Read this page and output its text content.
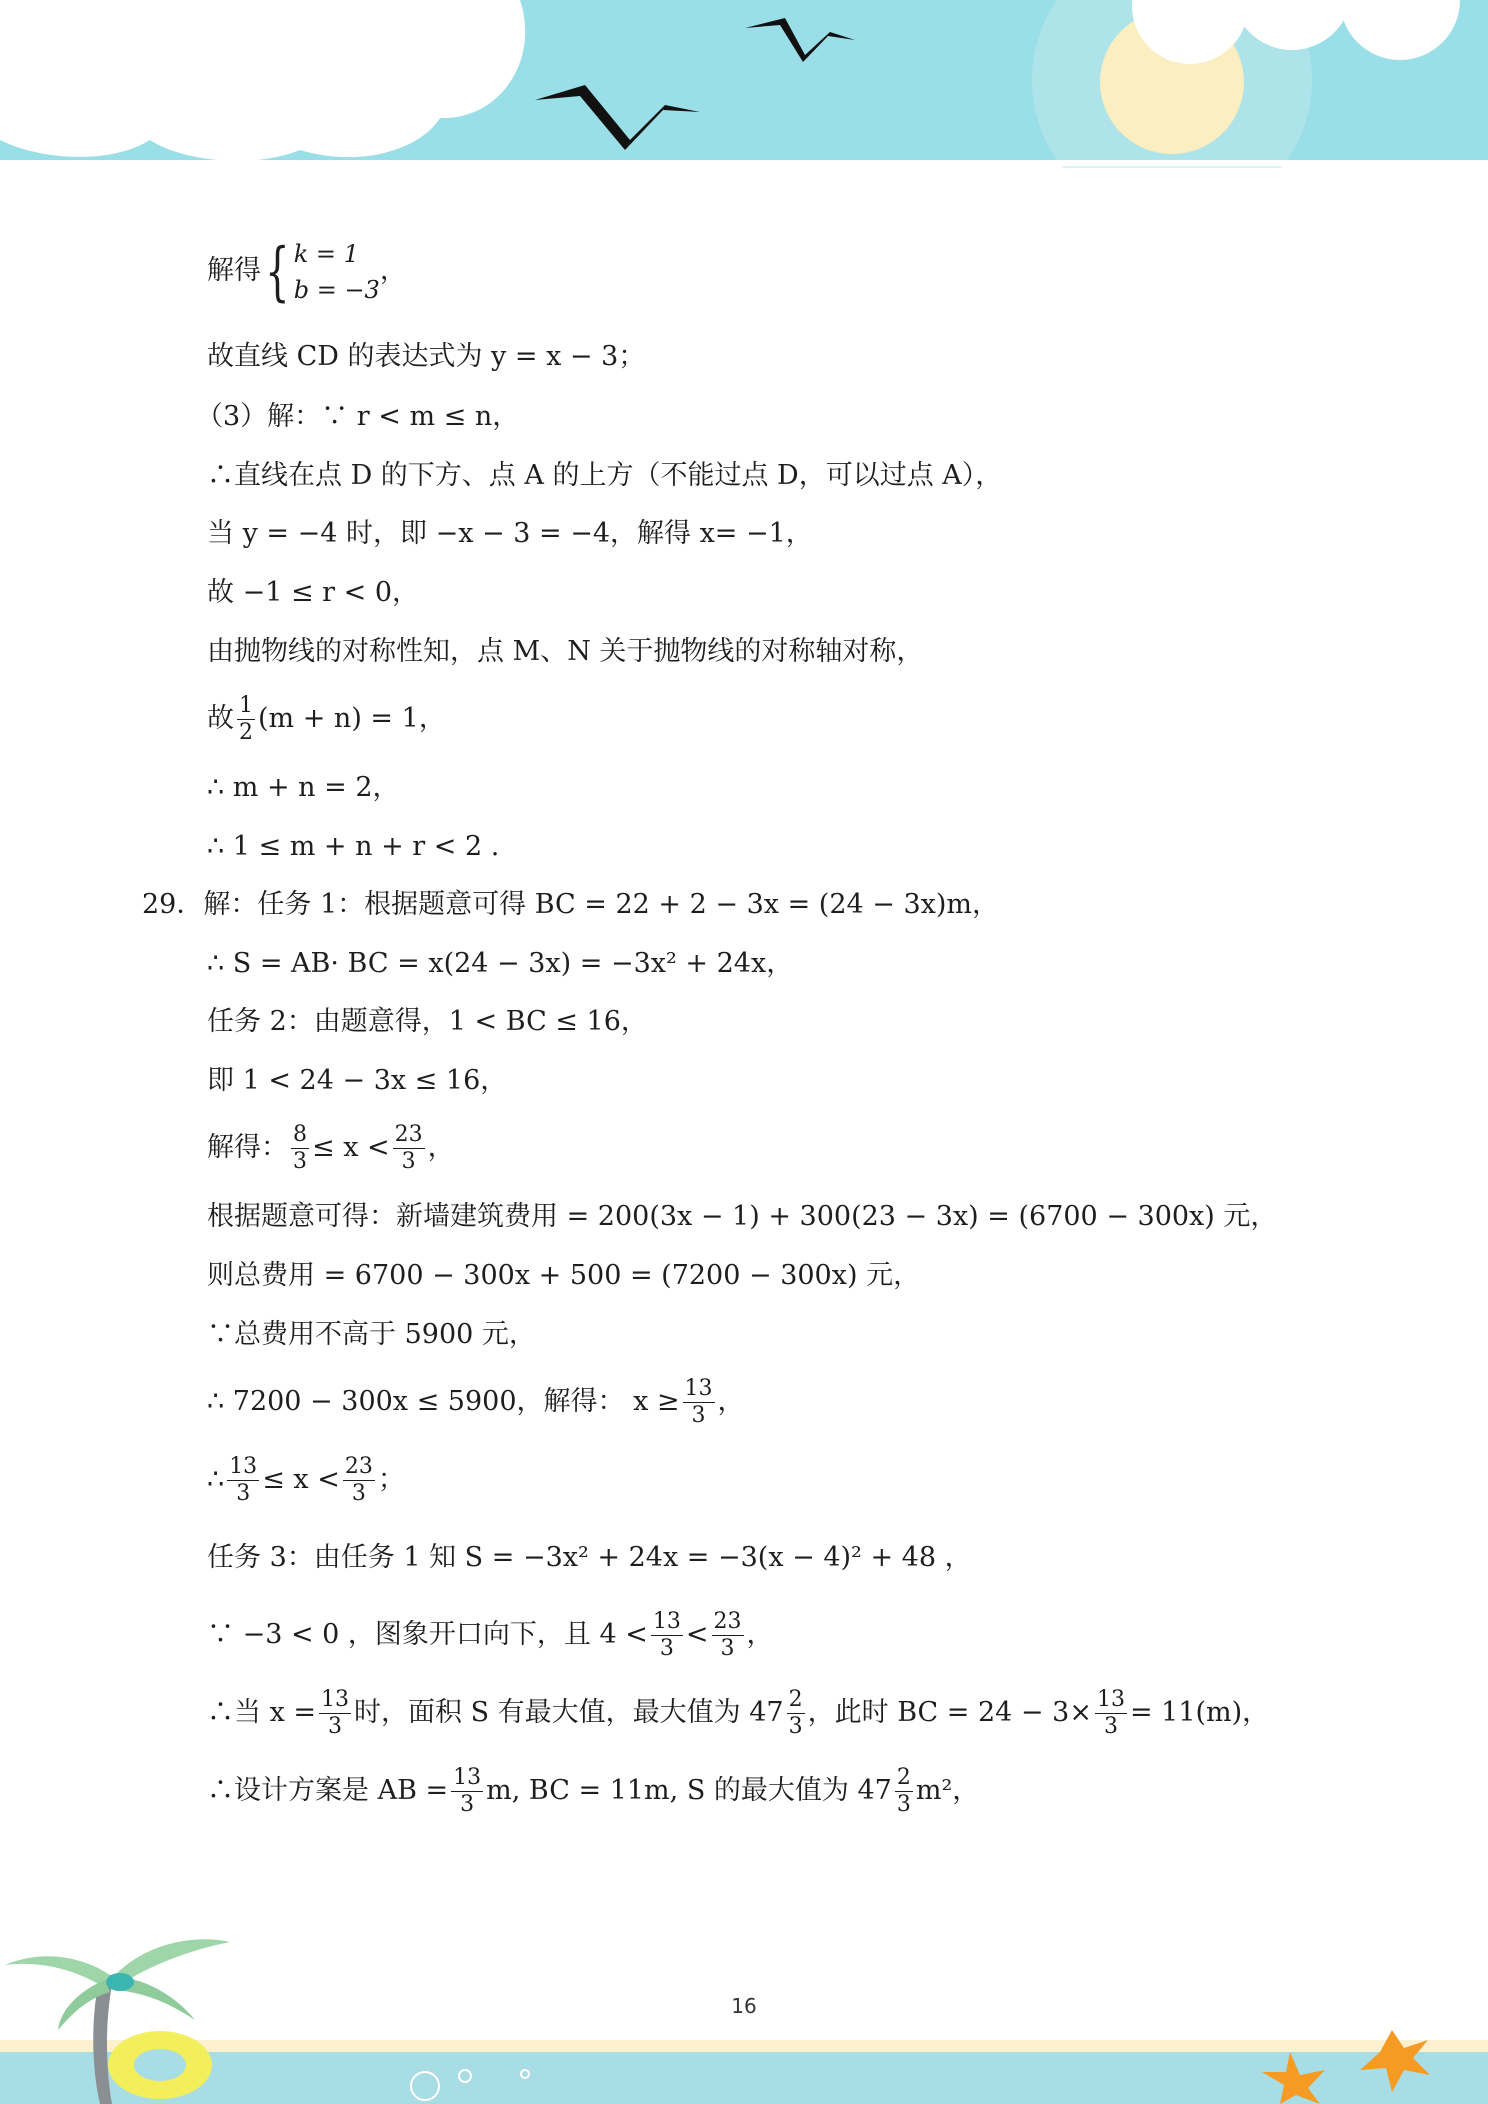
解得 { k = 1
b = −3
，
故直线 CD 的表达式为 y = x − 3；
（3）解：∵ r < m ≤ n，
∴直线在点 D 的下方、点 A 的上方（不能过点 D，可以过点 A），
当 y = −4 时，即 −x − 3 = −4，解得 x= −1，
故 −1 ≤ r < 0，
由抛物线的对称性知，点 M、N 关于抛物线的对称轴对称，
故 $\frac{1}{2} (m + n) = 1$，
∴ m + n = 2，
∴ 1 ≤ m + n + r < 2 .
29．解：任务 1：根据题意可得 BC = 22 + 2 − 3x = (24 − 3x)m，
∴ S = AB· BC = x(24 − 3x) = −3x² + 24x，
任务 2：由题意得，1 < BC ≤ 16，
即 1 < 24 − 3x ≤ 16，
解得： $\frac{8}{3} \le x < \frac{23}{3}$ ，
根据题意可得：新墙建筑费用 = 200(3x − 1) + 300(23 − 3x) = (6700 − 300x) 元，
则总费用 = 6700 − 300x + 500 = (7200 − 300x) 元，
∵总费用不高于 5900 元，
∴ 7200 − 300x ≤ 5900，解得： $x \ge \frac{13}{3}$ ，
∴ $\frac{13}{3} \le x < \frac{23}{3}$ ；
任务 3：由任务 1 知 S = −3x² + 24x = −3(x − 4)² + 48 ，
∵ −3 < 0 ，图象开口向下，且 $4 < \frac{13}{3} < \frac{23}{3}$ ，
∴当 $x = \frac{13}{3}$ 时，面积 S 有最大值，最大值为 $47 \frac{2}{3}$ ，此时 BC = $24 - 3\times \frac{13}{3} = 11(m)$，
∴设计方案是 AB = $\frac{13}{3} m$, BC = 11m, S 的最大值为 $47 \frac{2}{3} m^2$，
16
